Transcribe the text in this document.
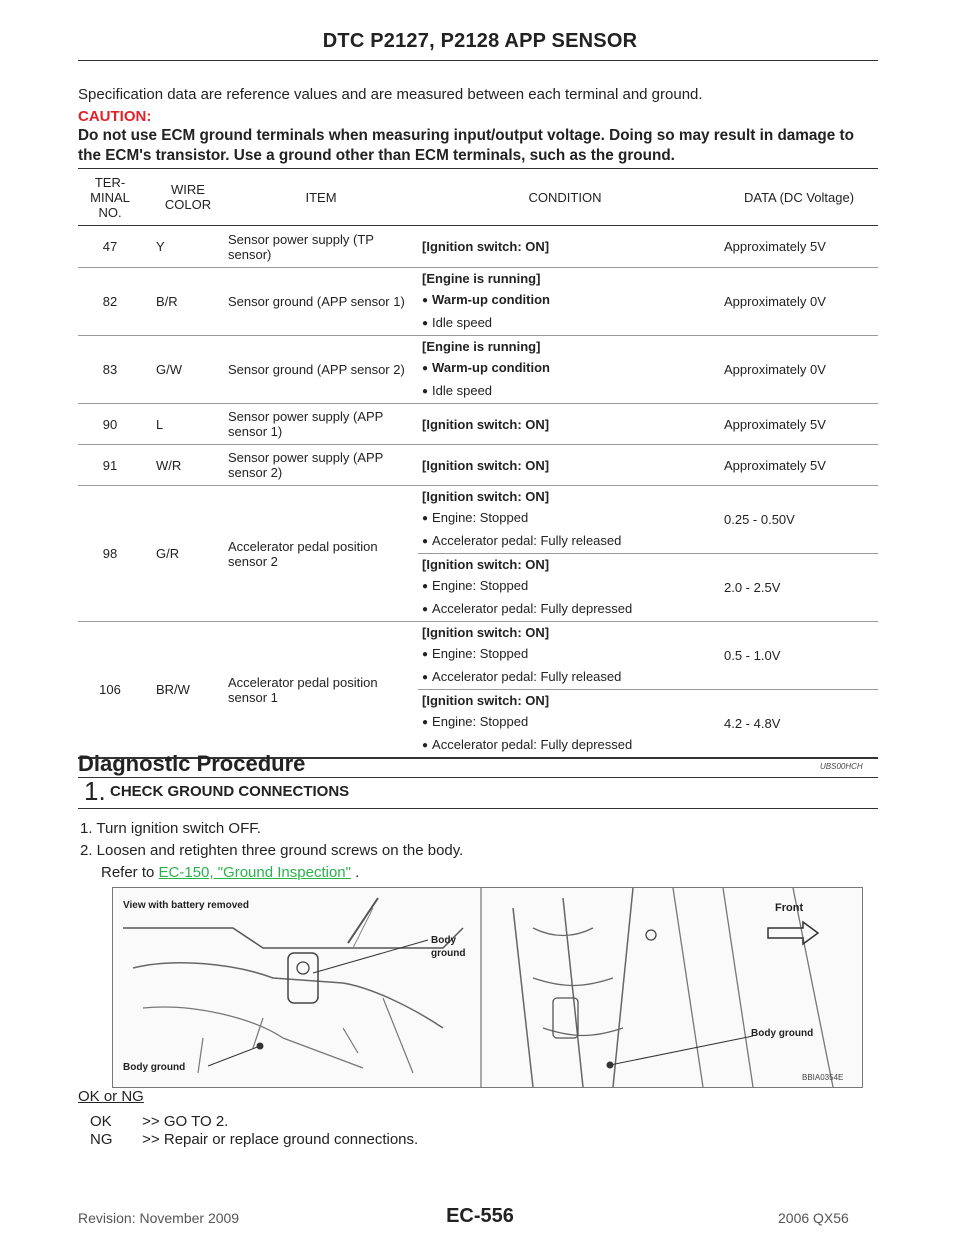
DTC P2127, P2128 APP SENSOR
Specification data are reference values and are measured between each terminal and ground.
CAUTION:
Do not use ECM ground terminals when measuring input/output voltage. Doing so may result in damage to the ECM's transistor. Use a ground other than ECM terminals, such as the ground.
TER-MINAL NO.	WIRE COLOR	ITEM	CONDITION	DATA (DC Voltage)
47	Y	Sensor power supply (TP sensor)	[Ignition switch: ON]	Approximately 5V
82	B/R	Sensor ground (APP sensor 1)	[Engine is running]
● Warm-up condition
● Idle speed	Approximately 0V
83	G/W	Sensor ground (APP sensor 2)	[Engine is running]
● Warm-up condition
● Idle speed	Approximately 0V
90	L	Sensor power supply (APP sensor 1)	[Ignition switch: ON]	Approximately 5V
91	W/R	Sensor power supply (APP sensor 2)	[Ignition switch: ON]	Approximately 5V
98	G/R	Accelerator pedal position sensor 2	[Ignition switch: ON]
● Engine: Stopped
● Accelerator pedal: Fully released	0.25 - 0.50V

			[Ignition switch: ON]
● Engine: Stopped
● Accelerator pedal: Fully depressed	2.0 - 2.5V
106	BR/W	Accelerator pedal position sensor 1	[Ignition switch: ON]
● Engine: Stopped
● Accelerator pedal: Fully released	0.5 - 1.0V

			[Ignition switch: ON]
● Engine: Stopped
● Accelerator pedal: Fully depressed	4.2 - 4.8V
Diagnostic Procedure	UBS00HCH
1. CHECK GROUND CONNECTIONS
1. Turn ignition switch OFF.
2. Loosen and retighten three ground screws on the body.
Refer to EC-150, "Ground Inspection" .
View with battery removed
Body ground
Body ground
Front
Body ground
BBIA0354E
OK or NG
OK >> GO TO 2.
NG >> Repair or replace ground connections.
Revision: November 2009	EC-556	2006 QX56
